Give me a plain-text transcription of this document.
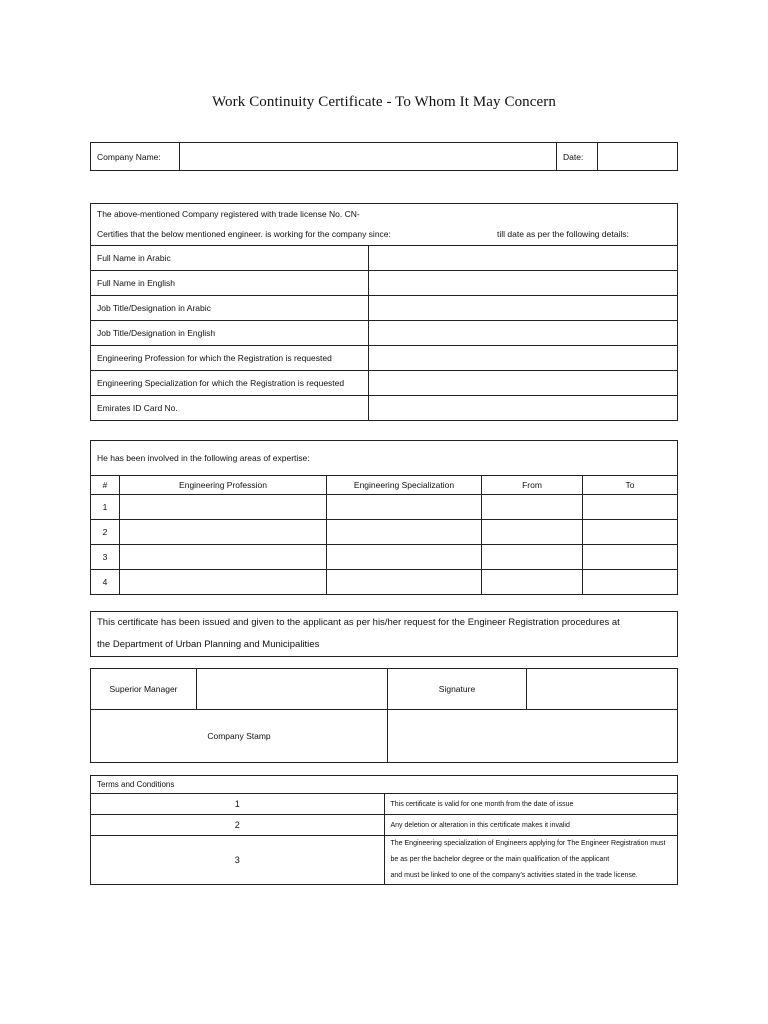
Work Continuity Certificate - To Whom It May Concern
Company Name:		Date:	
The above-mentioned Company registered with trade license No. CN-
Certifies that the below mentioned engineer. is working for the company since:	till date as per the following details:
Full Name in Arabic	
Full Name in English	
Job Title/Designation in Arabic	
Job Title/Designation in English	
Engineering Profession for which the Registration is requested	
Engineering Specialization for which the Registration is requested	
Emirates ID Card No.	
He has been involved in the following areas of expertise:
#	Engineering Profession	Engineering Specialization	From	To
1				
2				
3				
4				
This certificate has been issued and given to the applicant as per his/her request for the Engineer Registration procedures at
the Department of Urban Planning and Municipalities
Superior Manager		Signature	
Company Stamp			
Terms and Conditions	
1	This certificate is valid for one month from the date of issue
2	Any deletion or alteration in this certificate makes it invalid
3	The Engineering specialization of Engineers applying for The Engineer Registration must be as per the bachelor degree or the main qualification of the applicant
and must be linked to one of the company's activities stated in the trade license.
